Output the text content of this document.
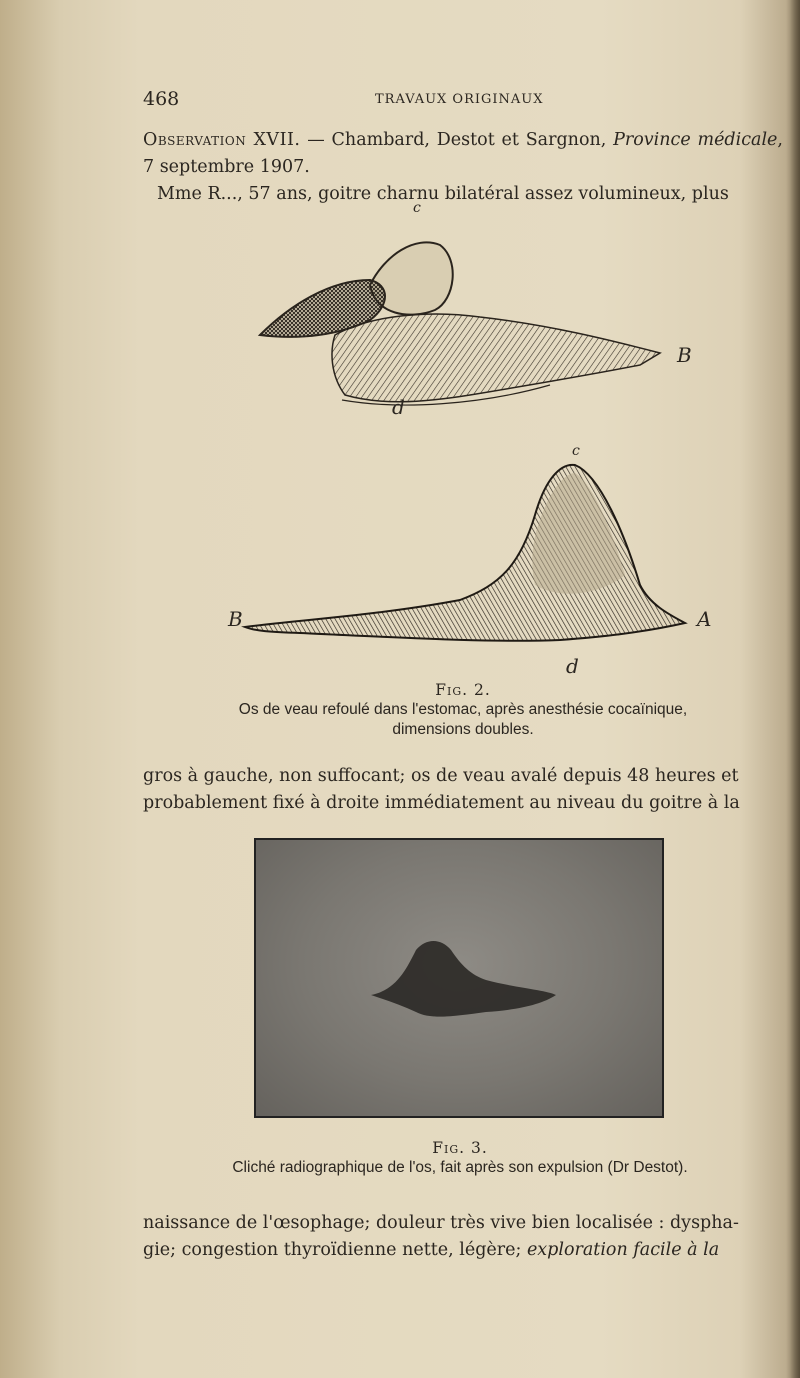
468	TRAVAUX ORIGINAUX
Observation XVII. — Chambard, Destot et Sargnon, Province médicale, 7 septembre 1907.
Mme R..., 57 ans, goitre charnu bilatéral assez volumineux, plus
c
B
d
c
B	A
d
Fig. 2.
Os de veau refoulé dans l'estomac, après anesthésie cocaïnique,
dimensions doubles.
gros à gauche, non suffocant; os de veau avalé depuis 48 heures et
probablement fixé à droite immédiatement au niveau du goitre à la
Fig. 3.
Cliché radiographique de l'os, fait après son expulsion (Dr Destot).
naissance de l'œsophage; douleur très vive bien localisée : dyspha-
gie; congestion thyroïdienne nette, légère; exploration facile à la
